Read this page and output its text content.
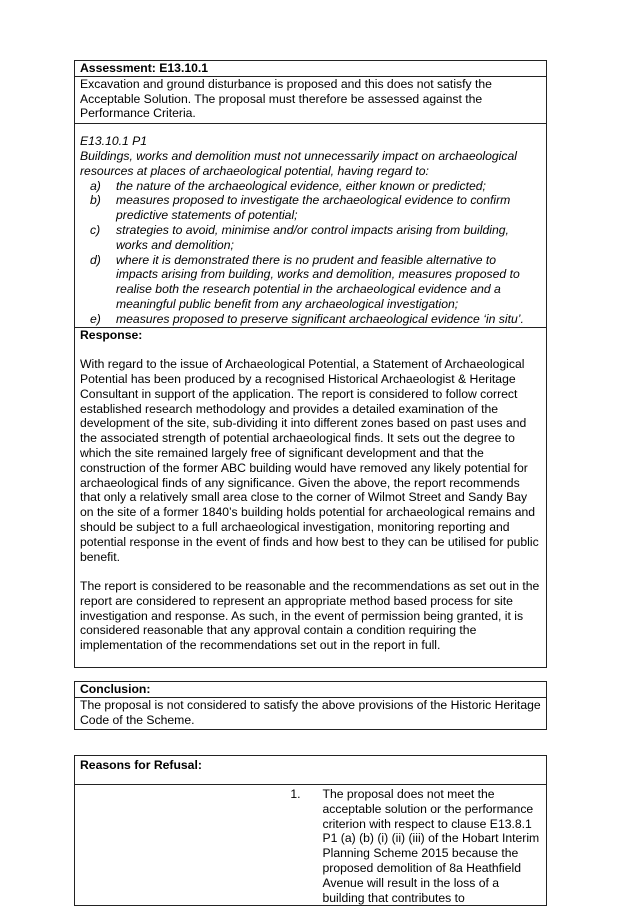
Assessment: E13.10.1

Excavation and ground disturbance is proposed and this does not satisfy the Acceptable Solution. The proposal must therefore be assessed against the Performance Criteria.

E13.10.1 P1

Buildings, works and demolition must not unnecessarily impact on archaeological resources at places of archaeological potential, having regard to:

a)	the nature of the archaeological evidence, either known or predicted;
b)	measures proposed to investigate the archaeological evidence to confirm predictive statements of potential;
c)	strategies to avoid, minimise and/or control impacts arising from building, works and demolition;
d)	where it is demonstrated there is no prudent and feasible alternative to impacts arising from building, works and demolition, measures proposed to realise both the research potential in the archaeological evidence and a meaningful public benefit from any archaeological investigation;
e)	measures proposed to preserve significant archaeological evidence ‘in situ’.

Response:

With regard to the issue of Archaeological Potential, a Statement of Archaeological Potential has been produced by a recognised Historical Archaeologist & Heritage Consultant in support of the application. The report is considered to follow correct established research methodology and provides a detailed examination of the development of the site, sub-dividing it into different zones based on past uses and the associated strength of potential archaeological finds. It sets out the degree to which the site remained largely free of significant development and that the construction of the former ABC building would have removed any likely potential for archaeological finds of any significance. Given the above, the report recommends that only a relatively small area close to the corner of Wilmot Street and Sandy Bay on the site of a former 1840’s building holds potential for archaeological remains and should be subject to a full archaeological investigation, monitoring reporting and potential response in the event of finds and how best to they can be utilised for public benefit.

The report is considered to be reasonable and the recommendations as set out in the report are considered to represent an appropriate method based process for site investigation and response. As such, in the event of permission being granted, it is considered reasonable that any approval contain a condition requiring the implementation of the recommendations set out in the report in full.

Conclusion:

The proposal is not considered to satisfy the above provisions of the Historic Heritage Code of the Scheme.

Reasons for Refusal:

1.	The proposal does not meet the acceptable solution or the performance criterion with respect to clause E13.8.1 P1 (a) (b) (i) (ii) (iii) of the Hobart Interim Planning Scheme 2015 because the proposed demolition of 8a Heathfield Avenue will result in the loss of a building that contributes to
